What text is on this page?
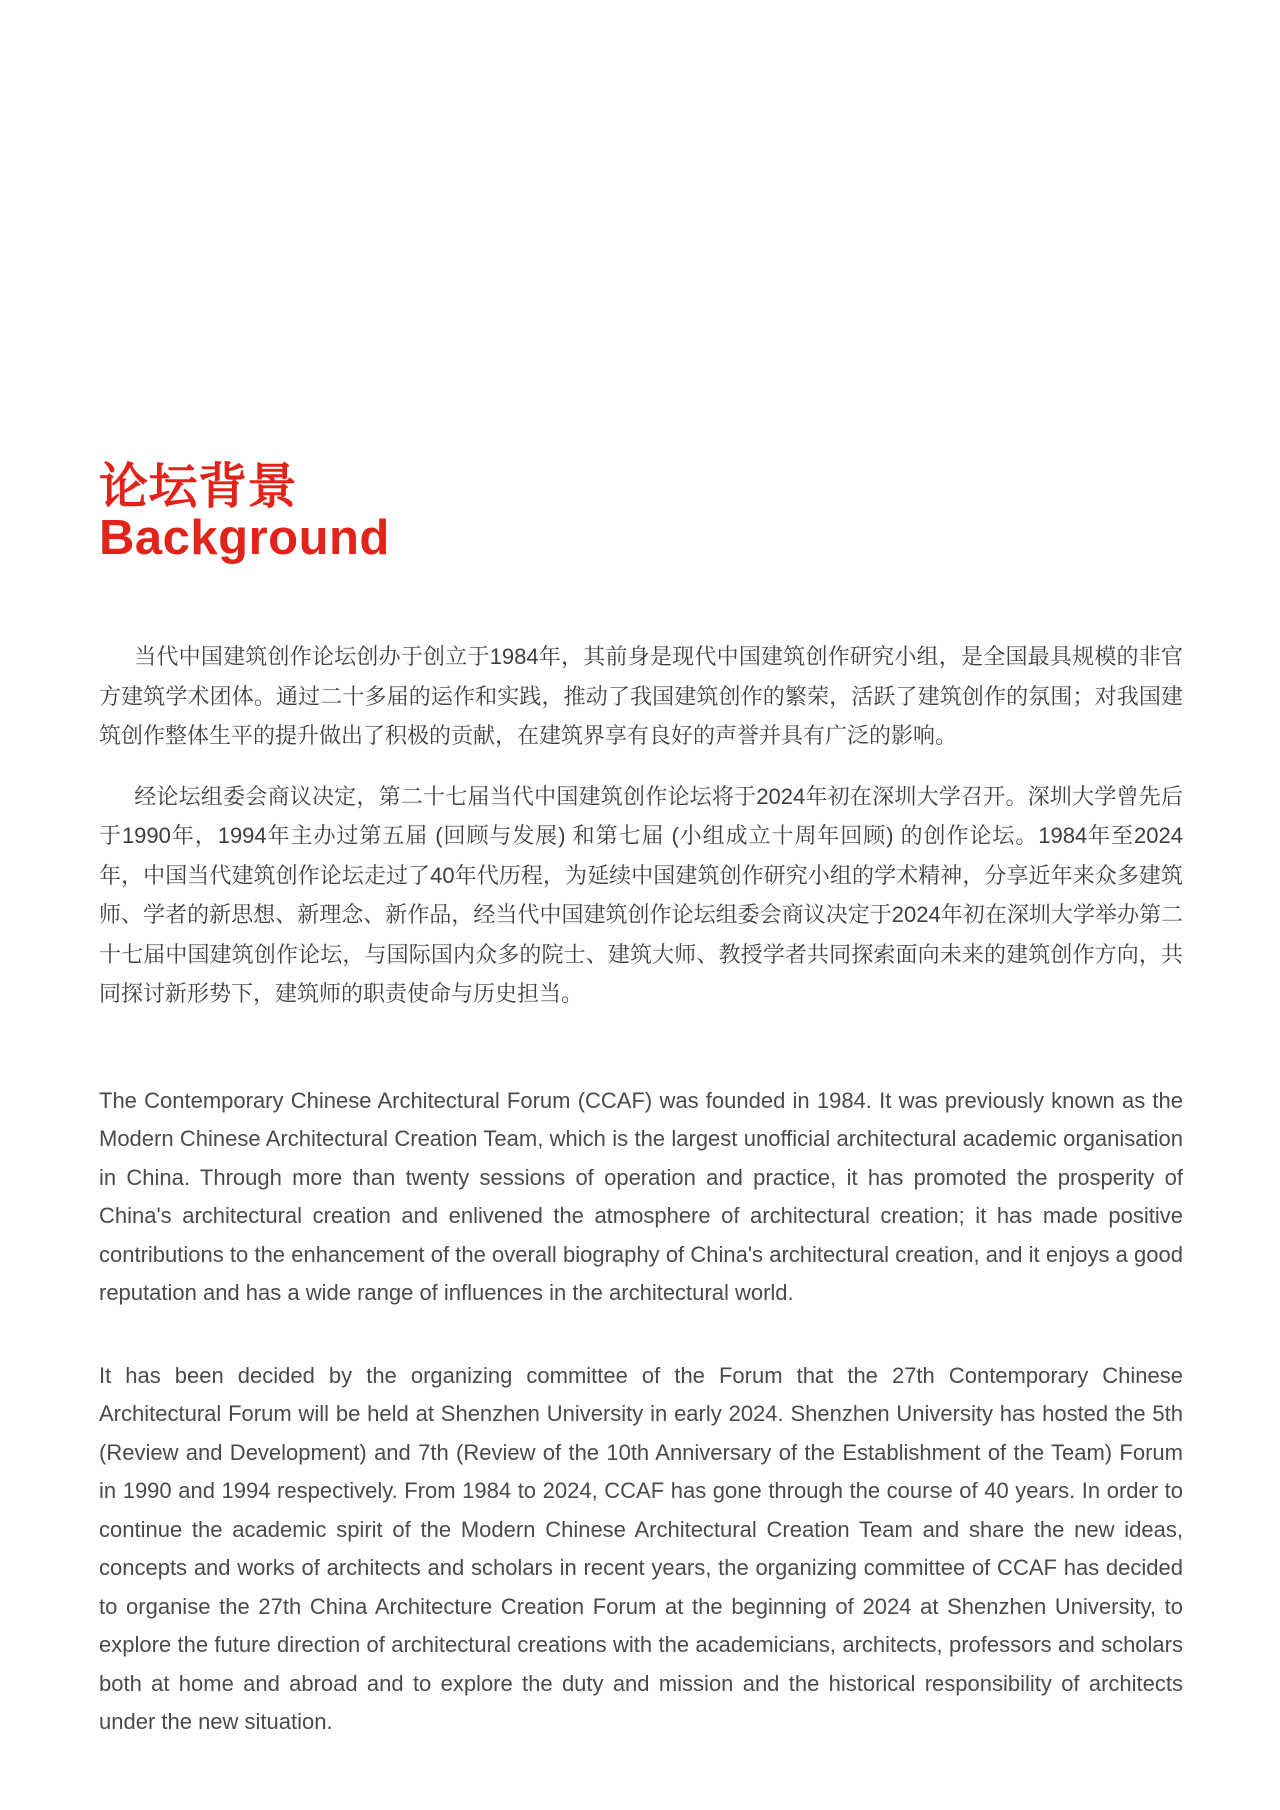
论坛背景
Background

当代中国建筑创作论坛创办于创立于1984年，其前身是现代中国建筑创作研究小组，是全国最具规模的非官方建筑学术团体。通过二十多届的运作和实践，推动了我国建筑创作的繁荣，活跃了建筑创作的氛围；对我国建筑创作整体生平的提升做出了积极的贡献，在建筑界享有良好的声誉并具有广泛的影响。

经论坛组委会商议决定，第二十七届当代中国建筑创作论坛将于2024年初在深圳大学召开。深圳大学曾先后于1990年，1994年主办过第五届 (回顾与发展) 和第七届 (小组成立十周年回顾) 的创作论坛。1984年至2024年，中国当代建筑创作论坛走过了40年代历程，为延续中国建筑创作研究小组的学术精神，分享近年来众多建筑师、学者的新思想、新理念、新作品，经当代中国建筑创作论坛组委会商议决定于2024年初在深圳大学举办第二十七届中国建筑创作论坛，与国际国内众多的院士、建筑大师、教授学者共同探索面向未来的建筑创作方向，共同探讨新形势下，建筑师的职责使命与历史担当。

The Contemporary Chinese Architectural Forum (CCAF) was founded in 1984. It was previously known as the Modern Chinese Architectural Creation Team, which is the largest unofficial architectural academic organisation in China. Through more than twenty sessions of operation and practice, it has promoted the prosperity of China's architectural creation and enlivened the atmosphere of architectural creation; it has made positive contributions to the enhancement of the overall biography of China's architectural creation, and it enjoys a good reputation and has a wide range of influences in the architectural world.

It has been decided by the organizing committee of the Forum that the 27th Contemporary Chinese Architectural Forum will be held at Shenzhen University in early 2024. Shenzhen University has hosted the 5th (Review and Development) and 7th (Review of the 10th Anniversary of the Establishment of the Team) Forum in 1990 and 1994 respectively. From 1984 to 2024, CCAF has gone through the course of 40 years. In order to continue the academic spirit of the Modern Chinese Architectural Creation Team and share the new ideas, concepts and works of architects and scholars in recent years, the organizing committee of CCAF has decided to organise the 27th China Architecture Creation Forum at the beginning of 2024 at Shenzhen University, to explore the future direction of architectural creations with the academicians, architects, professors and scholars both at home and abroad and to explore the duty and mission and the historical responsibility of architects under the new situation.
